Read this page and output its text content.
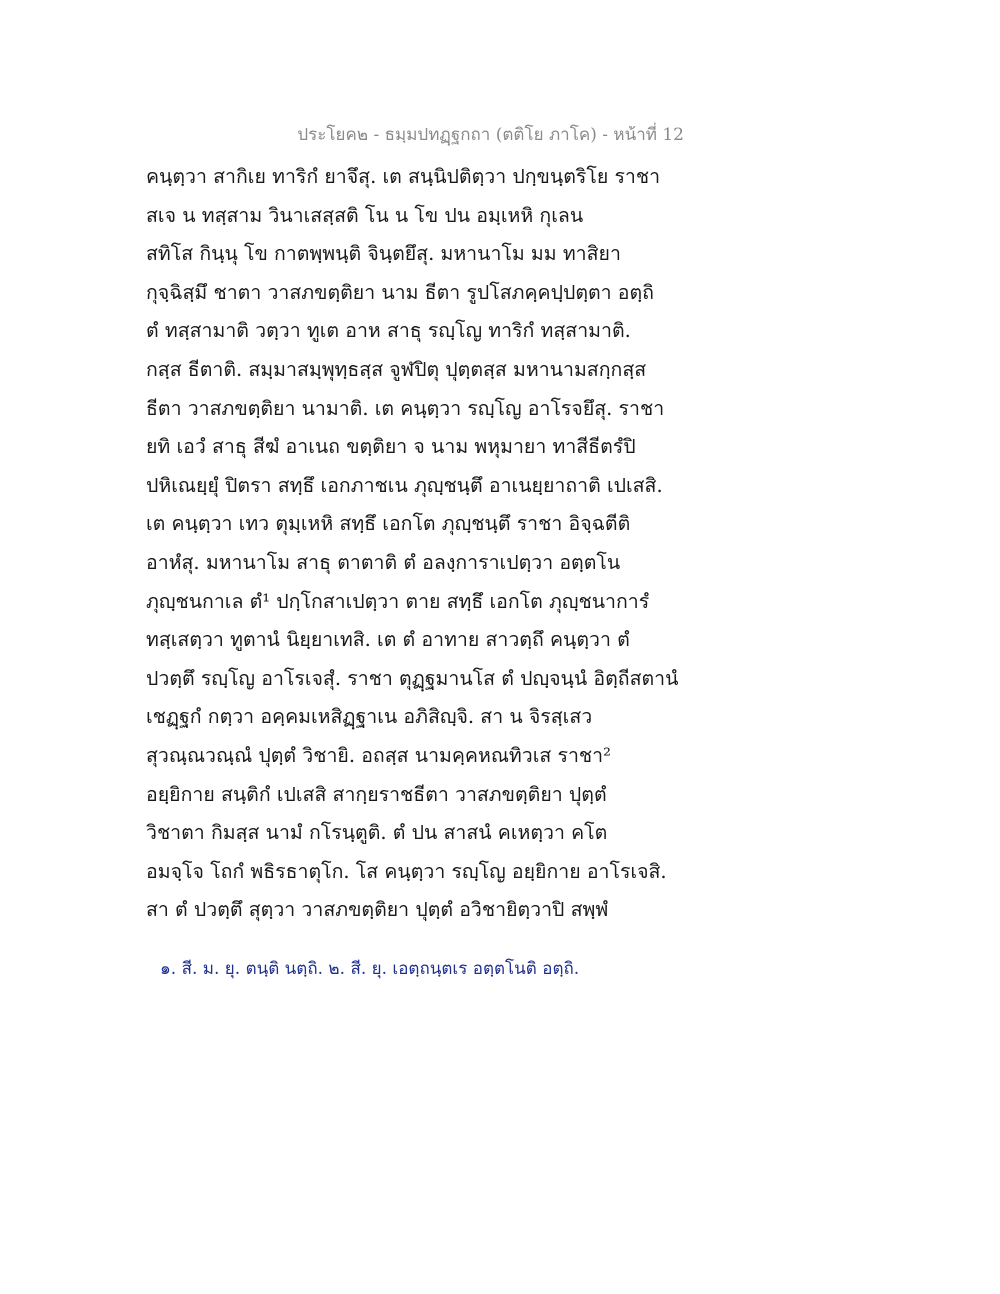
ประโยค๒ - ธมฺมปทฏฺฐกถา (ตติโย ภาโค) - หน้าที่ 12
คนฺตฺวา สากิเย ทาริกํ ยาจึสุ. เต สนฺนิปติตฺวา ปกฺขนฺตริโย ราชา
สเจ น ทสฺสาม วินาเสสฺสติ โน น โข ปน อมฺเหหิ กุเลน
สทิโส กินฺนุ โข กาตพฺพนฺติ จินฺตยึสุ. มหานาโม มม ทาสิยา
กุจฺฉิสฺมึ ชาตา วาสภขตฺติยา นาม ธีตา รูปโสภคฺคปฺปตฺตา อตฺถิ
ตํ ทสฺสามาติ วตฺวา ทูเต อาห สาธุ รญฺโญ ทาริกํ ทสฺสามาติ.
กสฺส ธีตาติ. สมฺมาสมฺพุทฺธสฺส จูฬปิตุ ปุตฺตสฺส มหานามสกฺกสฺส
ธีตา วาสภขตฺติยา นามาติ. เต คนฺตฺวา รญฺโญ อาโรจยึสุ. ราชา
ยทิ เอวํ สาธุ สีฆํ อาเนถ ขตฺติยา จ นาม พหุมายา ทาสีธีตรํปิ
ปหิเณยฺยุํ ปิตรา สทฺธึ เอกภาชเน ภุญฺชนฺตึ อาเนยฺยาถาติ เปเสสิ.
เต คนฺตฺวา เทว ตุมฺเหหิ สทฺธึ เอกโต ภุญฺชนฺตึ ราชา อิจฺฉตีติ
อาหํสุ. มหานาโม สาธุ ตาตาติ ตํ อลงฺการาเปตฺวา อตฺตโน
ภุญฺชนกาเล ตํ¹ ปกฺโกสาเปตฺวา ตาย สทฺธึ เอกโต ภุญฺชนาการํ
ทสฺเสตฺวา ทูตานํ นิยฺยาเทสิ. เต ตํ อาทาย สาวตฺถึ คนฺตฺวา ตํ
ปวตฺตึ รญฺโญ อาโรเจสุํ. ราชา ตุฏฺฐมานโส ตํ ปญฺจนฺนํ อิตฺถีสตานํ
เชฏฺฐกํ กตฺวา อคฺคมเหสิฏฺฐาเน อภิสิญฺจิ. สา น จิรสฺเสว
สุวณฺณวณฺณํ ปุตฺตํ วิชายิ. อถสฺส นามคฺคหณทิวเส ราชา²
อยฺยิกาย สนฺติกํ เปเสสิ สากฺยราชธีตา วาสภขตฺติยา ปุตฺตํ
วิชาตา กิมสฺส นามํ กโรนฺตูติ. ตํ ปน สาสนํ คเหตฺวา คโต
อมจฺโจ โถกํ พธิรธาตุโก. โส คนฺตฺวา รญฺโญ อยฺยิกาย อาโรเจสิ.
สา ตํ ปวตฺตึ สุตฺวา วาสภขตฺติยา ปุตฺตํ อวิชายิตฺวาปิ สพฺพํ
๑. สี. ม. ยุ. ตนฺติ นตฺถิ. ๒. สี. ยุ. เอตฺถนฺตเร อตฺตโนติ อตฺถิ.
